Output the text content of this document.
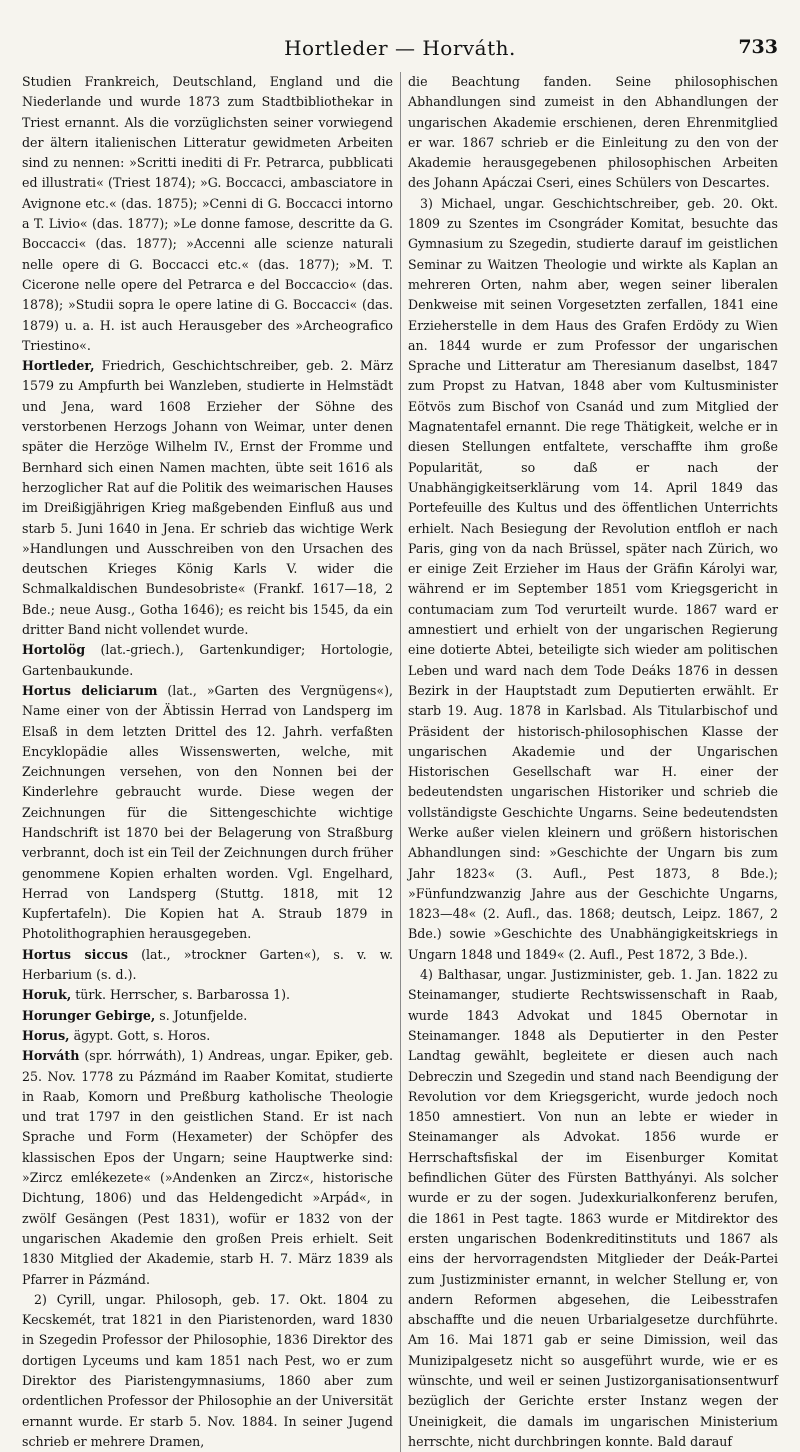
Hortleder — Horváth.	733

Studien Frankreich, Deutschland, England und die Niederlande und wurde 1873 zum Stadtbibliothekar in Triest ernannt. Als die vorzüglichsten seiner vorwiegend der ältern italienischen Litteratur gewidmeten Arbeiten sind zu nennen: »Scritti inediti di Fr. Petrarca, pubblicati ed illustrati« (Triest 1874); »G. Boccacci, ambasciatore in Avignone etc.« (das. 1875); »Cenni di G. Boccacci intorno a T. Livio« (das. 1877); »Le donne famose, descritte da G. Boccacci« (das. 1877); »Accenni alle scienze naturali nelle opere di G. Boccacci etc.« (das. 1877); »M. T. Cicerone nelle opere del Petrarca e del Boccaccio« (das. 1878); »Studii sopra le opere latine di G. Boccacci« (das. 1879) u. a. H. ist auch Herausgeber des »Archeografico Triestino«.

Hortleder, Friedrich, Geschichtschreiber, geb. 2. März 1579 zu Ampfurth bei Wanzleben, studierte in Helmstädt und Jena, ward 1608 Erzieher der Söhne des verstorbenen Herzogs Johann von Weimar, unter denen später die Herzöge Wilhelm IV., Ernst der Fromme und Bernhard sich einen Namen machten, übte seit 1616 als herzoglicher Rat auf die Politik des weimarischen Hauses im Dreißigjährigen Krieg maßgebenden Einfluß aus und starb 5. Juni 1640 in Jena. Er schrieb das wichtige Werk »Handlungen und Ausschreiben von den Ursachen des deutschen Krieges König Karls V. wider die Schmalkaldischen Bundesobriste« (Frankf. 1617—18, 2 Bde.; neue Ausg., Gotha 1646); es reicht bis 1545, da ein dritter Band nicht vollendet wurde.

Hortolög (lat.-griech.), Gartenkundiger; Hortologie, Gartenbaukunde.

Hortus deliciarum (lat., »Garten des Vergnügens«), Name einer von der Äbtissin Herrad von Landsperg im Elsaß in dem letzten Drittel des 12. Jahrh. verfaßten Encyklopädie alles Wissenswerten, welche, mit Zeichnungen versehen, von den Nonnen bei der Kinderlehre gebraucht wurde. Diese wegen der Zeichnungen für die Sittengeschichte wichtige Handschrift ist 1870 bei der Belagerung von Straßburg verbrannt, doch ist ein Teil der Zeichnungen durch früher genommene Kopien erhalten worden. Vgl. Engelhard, Herrad von Landsperg (Stuttg. 1818, mit 12 Kupfertafeln). Die Kopien hat A. Straub 1879 in Photolithographien herausgegeben.

Hortus siccus (lat., »trockner Garten«), s. v. w. Herbarium (s. d.).

Horuk, türk. Herrscher, s. Barbarossa 1).

Horunger Gebirge, s. Jotunfjelde.

Horus, ägypt. Gott, s. Horos.

Horváth (spr. hórrwáth), 1) Andreas, ungar. Epiker, geb. 25. Nov. 1778 zu Pázmánd im Raaber Komitat, studierte in Raab, Komorn und Preßburg katholische Theologie und trat 1797 in den geistlichen Stand. Er ist nach Sprache und Form (Hexameter) der Schöpfer des klassischen Epos der Ungarn; seine Hauptwerke sind: »Zircz emlékezete« (»Andenken an Zircz«, historische Dichtung, 1806) und das Heldengedicht »Arpád«, in zwölf Gesängen (Pest 1831), wofür er 1832 von der ungarischen Akademie den großen Preis erhielt. Seit 1830 Mitglied der Akademie, starb H. 7. März 1839 als Pfarrer in Pázmánd.

2) Cyrill, ungar. Philosoph, geb. 17. Okt. 1804 zu Kecskemét, trat 1821 in den Piaristenorden, ward 1830 in Szegedin Professor der Philosophie, 1836 Direktor des dortigen Lyceums und kam 1851 nach Pest, wo er zum Direktor des Piaristengymnasiums, 1860 aber zum ordentlichen Professor der Philosophie an der Universität ernannt wurde. Er starb 5. Nov. 1884. In seiner Jugend schrieb er mehrere Dramen,

die Beachtung fanden. Seine philosophischen Abhandlungen sind zumeist in den Abhandlungen der ungarischen Akademie erschienen, deren Ehrenmitglied er war. 1867 schrieb er die Einleitung zu den von der Akademie herausgegebenen philosophischen Arbeiten des Johann Apáczai Cseri, eines Schülers von Descartes.

3) Michael, ungar. Geschichtschreiber, geb. 20. Okt. 1809 zu Szentes im Csongráder Komitat, besuchte das Gymnasium zu Szegedin, studierte darauf im geistlichen Seminar zu Waitzen Theologie und wirkte als Kaplan an mehreren Orten, nahm aber, wegen seiner liberalen Denkweise mit seinen Vorgesetzten zerfallen, 1841 eine Erzieherstelle in dem Haus des Grafen Erdödy zu Wien an. 1844 wurde er zum Professor der ungarischen Sprache und Litteratur am Theresianum daselbst, 1847 zum Propst zu Hatvan, 1848 aber vom Kultusminister Eötvös zum Bischof von Csanád und zum Mitglied der Magnatentafel ernannt. Die rege Thätigkeit, welche er in diesen Stellungen entfaltete, verschaffte ihm große Popularität, so daß er nach der Unabhängigkeitserklärung vom 14. April 1849 das Portefeuille des Kultus und des öffentlichen Unterrichts erhielt. Nach Besiegung der Revolution entfloh er nach Paris, ging von da nach Brüssel, später nach Zürich, wo er einige Zeit Erzieher im Haus der Gräfin Károlyi war, während er im September 1851 vom Kriegsgericht in contumaciam zum Tod verurteilt wurde. 1867 ward er amnestiert und erhielt von der ungarischen Regierung eine dotierte Abtei, beteiligte sich wieder am politischen Leben und ward nach dem Tode Deáks 1876 in dessen Bezirk in der Hauptstadt zum Deputierten erwählt. Er starb 19. Aug. 1878 in Karlsbad. Als Titularbischof und Präsident der historisch-philosophischen Klasse der ungarischen Akademie und der Ungarischen Historischen Gesellschaft war H. einer der bedeutendsten ungarischen Historiker und schrieb die vollständigste Geschichte Ungarns. Seine bedeutendsten Werke außer vielen kleinern und größern historischen Abhandlungen sind: »Geschichte der Ungarn bis zum Jahr 1823« (3. Aufl., Pest 1873, 8 Bde.); »Fünfundzwanzig Jahre aus der Geschichte Ungarns, 1823—48« (2. Aufl., das. 1868; deutsch, Leipz. 1867, 2 Bde.) sowie »Geschichte des Unabhängigkeitskriegs in Ungarn 1848 und 1849« (2. Aufl., Pest 1872, 3 Bde.).

4) Balthasar, ungar. Justizminister, geb. 1. Jan. 1822 zu Steinamanger, studierte Rechtswissenschaft in Raab, wurde 1843 Advokat und 1845 Obernotar in Steinamanger. 1848 als Deputierter in den Pester Landtag gewählt, begleitete er diesen auch nach Debreczin und Szegedin und stand nach Beendigung der Revolution vor dem Kriegsgericht, wurde jedoch noch 1850 amnestiert. Von nun an lebte er wieder in Steinamanger als Advokat. 1856 wurde er Herrschaftsfiskal der im Eisenburger Komitat befindlichen Güter des Fürsten Batthyányi. Als solcher wurde er zu der sogen. Judexkurialkonferenz berufen, die 1861 in Pest tagte. 1863 wurde er Mitdirektor des ersten ungarischen Bodenkreditinstituts und 1867 als eins der hervorragendsten Mitglieder der Deák-Partei zum Justizminister ernannt, in welcher Stellung er, von andern Reformen abgesehen, die Leibesstrafen abschaffte und die neuen Urbarialgesetze durchführte. Am 16. Mai 1871 gab er seine Dimission, weil das Munizipalgesetz nicht so ausgeführt wurde, wie er es wünschte, und weil er seinen Justizorganisationsentwurf bezüglich der Gerichte erster Instanz wegen der Uneinigkeit, die damals im ungarischen Ministerium herrschte, nicht durchbringen konnte. Bald darauf
